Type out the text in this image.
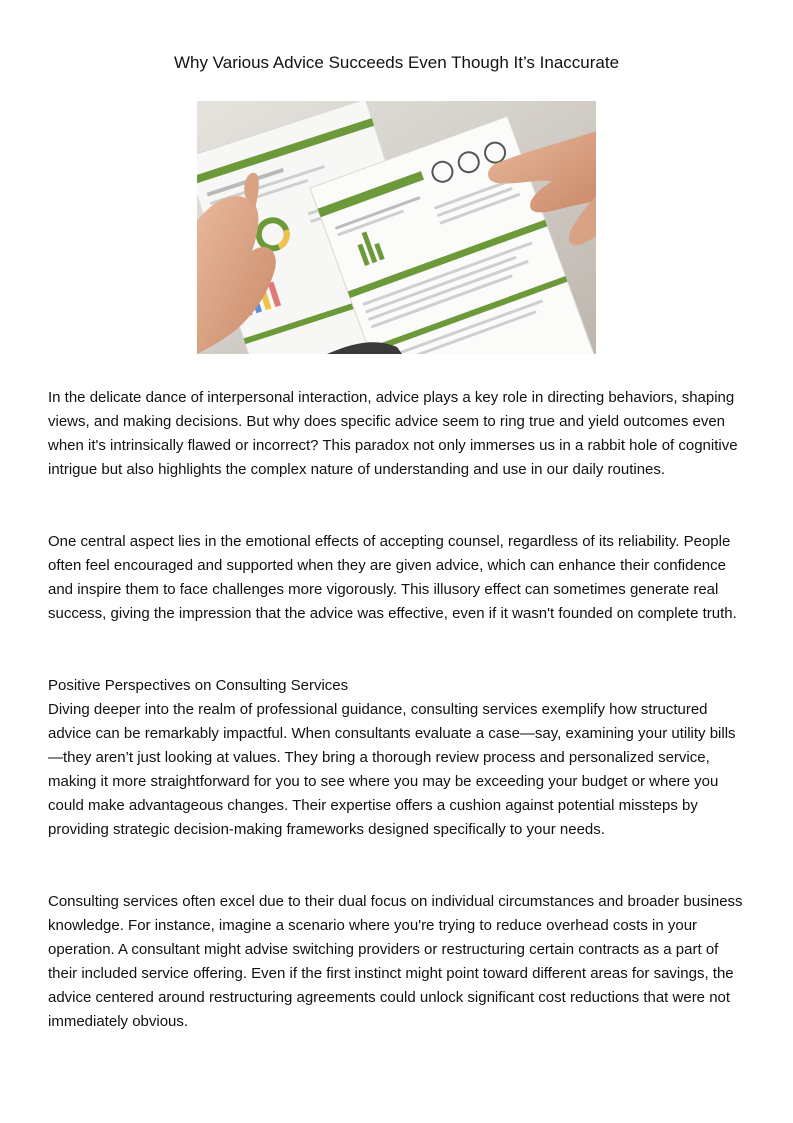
Why Various Advice Succeeds Even Though It’s Inaccurate
In the delicate dance of interpersonal interaction, advice plays a key role in directing behaviors, shaping views, and making decisions. But why does specific advice seem to ring true and yield outcomes even when it's intrinsically flawed or incorrect? This paradox not only immerses us in a rabbit hole of cognitive intrigue but also highlights the complex nature of understanding and use in our daily routines.
One central aspect lies in the emotional effects of accepting counsel, regardless of its reliability. People often feel encouraged and supported when they are given advice, which can enhance their confidence and inspire them to face challenges more vigorously. This illusory effect can sometimes generate real success, giving the impression that the advice was effective, even if it wasn't founded on complete truth.
Positive Perspectives on Consulting Services
Diving deeper into the realm of professional guidance, consulting services exemplify how structured advice can be remarkably impactful. When consultants evaluate a case—say, examining your utility bills—they aren’t just looking at values. They bring a thorough review process and personalized service, making it more straightforward for you to see where you may be exceeding your budget or where you could make advantageous changes. Their expertise offers a cushion against potential missteps by providing strategic decision-making frameworks designed specifically to your needs.
Consulting services often excel due to their dual focus on individual circumstances and broader business knowledge. For instance, imagine a scenario where you're trying to reduce overhead costs in your operation. A consultant might advise switching providers or restructuring certain contracts as a part of their included service offering. Even if the first instinct might point toward different areas for savings, the advice centered around restructuring agreements could unlock significant cost reductions that were not immediately obvious.
